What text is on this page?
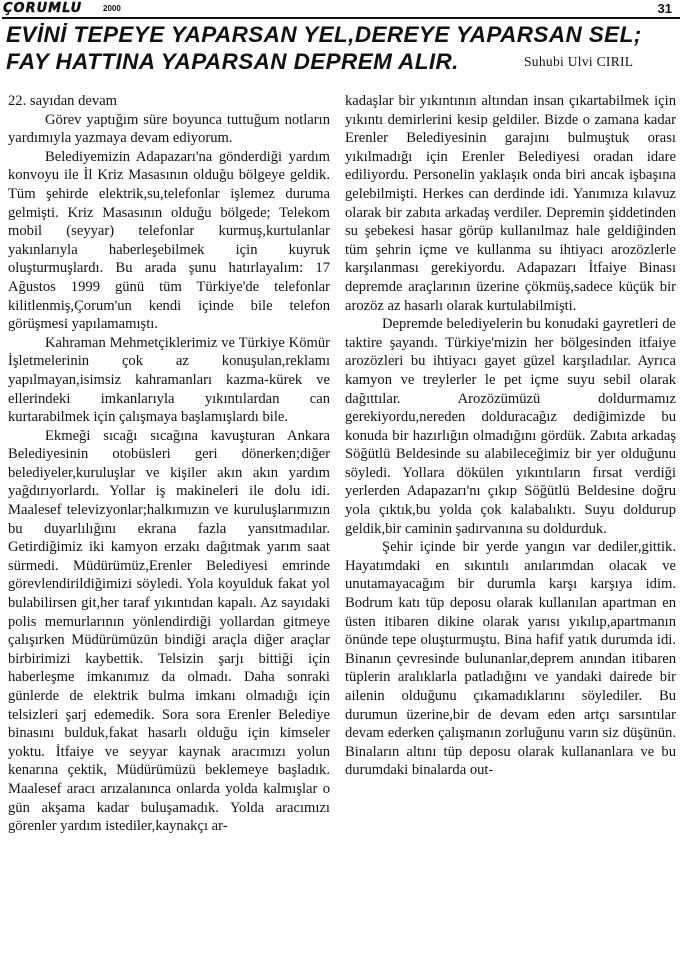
ÇORUMLU	2000	31
EVİNİ TEPEYE YAPARSAN YEL,DEREYE YAPARSAN SEL;
FAY HATTINA YAPARSAN DEPREM ALIR.	Suhubi Ulvi CIRIL

22. sayıdan devam

Görev yaptığım süre boyunca tuttuğum notların yardımıyla yazmaya devam ediyorum.

Belediyemizin Adapazarı'na gönderdiği yardım konvoyu ile İl Kriz Masasının olduğu bölgeye geldik. Tüm şehirde elektrik,su,telefonlar işlemez duruma gelmişti. Kriz Masasının olduğu bölgede; Telekom mobil (seyyar) telefonlar kurmuş,kurtulanlar yakınlarıyla haberleşebilmek için kuyruk oluşturmuşlardı. Bu arada şunu hatırlayalım: 17 Ağustos 1999 günü tüm Türkiye'de telefonlar kilitlenmiş,Çorum'un kendi içinde bile telefon görüşmesi yapılamamıştı.

Kahraman Mehmetçiklerimiz ve Türkiye Kömür İşletmelerinin çok az konuşulan,reklamı yapılmayan,isimsiz kahramanları kazma-kürek ve ellerindeki imkanlarıyla yıkıntılardan can kurtarabilmek için çalışmaya başlamışlardı bile.

Ekmeği sıcağı sıcağına kavuşturan Ankara Belediyesinin otobüsleri geri dönerken;diğer belediyeler,kuruluşlar ve kişiler akın akın yardım yağdırıyorlardı. Yollar iş makineleri ile dolu idi. Maalesef televizyonlar;halkımızın ve kuruluşlarımızın bu duyarlılığını ekrana fazla yansıtmadılar. Getirdiğimiz iki kamyon erzakı dağıtmak yarım saat sürmedi. Müdürümüz,Erenler Belediyesi emrinde görevlendirildiğimizi söyledi. Yola koyulduk fakat yol bulabilirsen git,her taraf yıkıntıdan kapalı. Az sayıdaki polis memurlarının yönlendirdiği yollardan gitmeye çalışırken Müdürümüzün bindiği araçla diğer araçlar birbirimizi kaybettik. Telsizin şarjı bittiği için haberleşme imkanımız da olmadı. Daha sonraki günlerde de elektrik bulma imkanı olmadığı için telsizleri şarj edemedik. Sora sora Erenler Belediye binasını bulduk,fakat hasarlı olduğu için kimseler yoktu. İtfaiye ve seyyar kaynak aracımızı yolun kenarına çektik, Müdürümüzü beklemeye başladık. Maalesef aracı arızalanınca onlarda yolda kalmışlar o gün akşama kadar buluşamadık. Yolda aracımızı görenler yardım istediler,kaynakçı ar-

kadaşlar bir yıkıntının altından insan çıkartabilmek için yıkıntı demirlerini kesip geldiler. Bizde o zamana kadar Erenler Belediyesinin garajını bulmuştuk orası yıkılmadığı için Erenler Belediyesi oradan idare ediliyordu. Personelin yaklaşık onda biri ancak işbaşına gelebilmişti. Herkes can derdinde idi. Yanımıza kılavuz olarak bir zabıta arkadaş verdiler. Depremin şiddetinden su şebekesi hasar görüp kullanılmaz hale geldiğinden tüm şehrin içme ve kullanma su ihtiyacı arozözlerle karşılanması gerekiyordu. Adapazarı İtfaiye Binası depremde araçlarının üzerine çökmüş,sadece küçük bir arozöz az hasarlı olarak kurtulabilmişti.

Depremde belediyelerin bu konudaki gayretleri de taktire şayandı. Türkiye'mizin her bölgesinden itfaiye arozözleri bu ihtiyacı gayet güzel karşıladılar. Ayrıca kamyon ve treylerler le pet içme suyu sebil olarak dağıttılar. Arozözümüzü doldurmamız gerekiyordu,nereden dolduracağız dediğimizde bu konuda bir hazırlığın olmadığını gördük. Zabıta arkadaş Söğütlü Beldesinde su alabileceğimiz bir yer olduğunu söyledi. Yollara dökülen yıkıntıların fırsat verdiği yerlerden Adapazarı'nı çıkıp Söğütlü Beldesine doğru yola çıktık,bu yolda çok kalabalıktı. Suyu doldurup geldik,bir caminin şadırvanına su doldurduk.

Şehir içinde bir yerde yangın var dediler,gittik. Hayatımdaki en sıkıntılı anılarımdan olacak ve unutamayacağım bir durumla karşı karşıya idim. Bodrum katı tüp deposu olarak kullanılan apartman en üsten itibaren dikine olarak yarısı yıkılıp,apartmanın önünde tepe oluşturmuştu. Bina hafif yatık durumda idi. Binanın çevresinde bulunanlar,deprem anından itibaren tüplerin aralıklarla patladığını ve yandaki dairede bir ailenin olduğunu çıkamadıklarını söylediler. Bu durumun üzerine,bir de devam eden artçı sarsıntılar devam ederken çalışmanın zorluğunu varın siz düşünün. Binaların altını tüp deposu olarak kullananlara ve bu durumdaki binalarda out-
